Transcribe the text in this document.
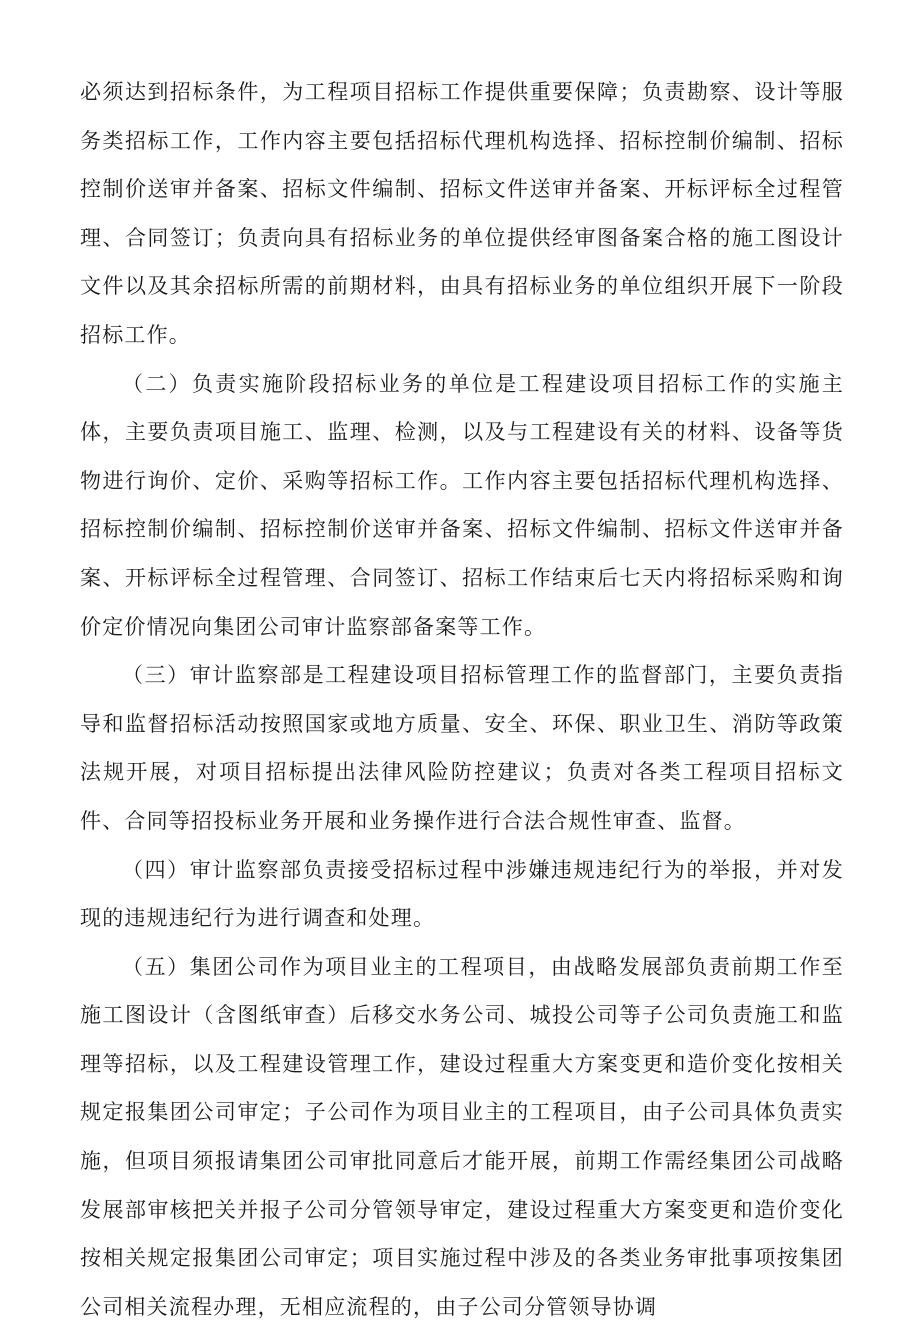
必须达到招标条件，为工程项目招标工作提供重要保障；负责勘察、设计等服务类招标工作，工作内容主要包括招标代理机构选择、招标控制价编制、招标控制价送审并备案、招标文件编制、招标文件送审并备案、开标评标全过程管理、合同签订；负责向具有招标业务的单位提供经审图备案合格的施工图设计文件以及其余招标所需的前期材料，由具有招标业务的单位组织开展下一阶段招标工作。

（二）负责实施阶段招标业务的单位是工程建设项目招标工作的实施主体，主要负责项目施工、监理、检测，以及与工程建设有关的材料、设备等货物进行询价、定价、采购等招标工作。工作内容主要包括招标代理机构选择、招标控制价编制、招标控制价送审并备案、招标文件编制、招标文件送审并备案、开标评标全过程管理、合同签订、招标工作结束后七天内将招标采购和询价定价情况向集团公司审计监察部备案等工作。

（三）审计监察部是工程建设项目招标管理工作的监督部门，主要负责指导和监督招标活动按照国家或地方质量、安全、环保、职业卫生、消防等政策法规开展，对项目招标提出法律风险防控建议；负责对各类工程项目招标文件、合同等招投标业务开展和业务操作进行合法合规性审查、监督。

（四）审计监察部负责接受招标过程中涉嫌违规违纪行为的举报，并对发现的违规违纪行为进行调查和处理。

（五）集团公司作为项目业主的工程项目，由战略发展部负责前期工作至施工图设计（含图纸审查）后移交水务公司、城投公司等子公司负责施工和监理等招标，以及工程建设管理工作，建设过程重大方案变更和造价变化按相关规定报集团公司审定；子公司作为项目业主的工程项目，由子公司具体负责实施，但项目须报请集团公司审批同意后才能开展，前期工作需经集团公司战略发展部审核把关并报子公司分管领导审定，建设过程重大方案变更和造价变化按相关规定报集团公司审定；项目实施过程中涉及的各类业务审批事项按集团公司相关流程办理，无相应流程的，由子公司分管领导协调
